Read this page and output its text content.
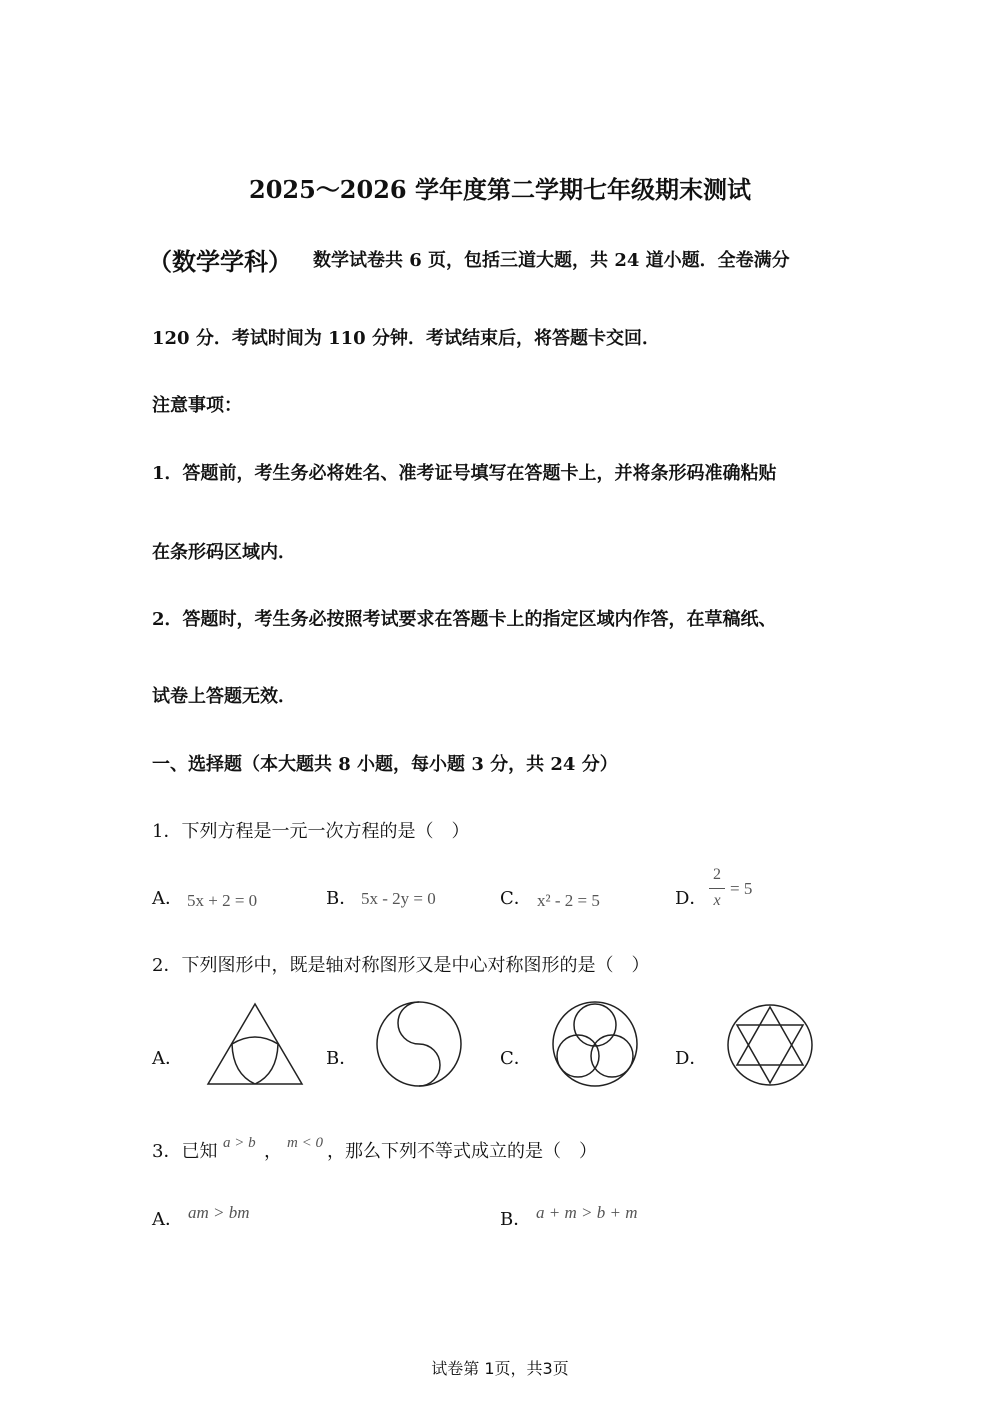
2025～2026 学年度第二学期七年级期末测试
（数学学科） 数学试卷共 6 页，包括三道大题，共 24 道小题．全卷满分
120 分．考试时间为 110 分钟．考试结束后，将答题卡交回．
注意事项：
1．答题前，考生务必将姓名、准考证号填写在答题卡上，并将条形码准确粘贴
在条形码区域内．
2．答题时，考生务必按照考试要求在答题卡上的指定区域内作答，在草稿纸、
试卷上答题无效．
一、选择题（本大题共 8 小题，每小题 3 分，共 24 分）
1．下列方程是一元一次方程的是（　）
A． 5x + 2 = 0	B． 5x - 2y = 0	C． x² - 2 = 5	D．
2
x
= 5
2．下列图形中，既是轴对称图形又是中心对称图形的是（　）
A．	B．	C．	D．
3．已知 a > b ， m < 0 ，那么下列不等式成立的是（　）
A． am > bm	B． a + m > b + m
试卷第 1页，共3页
